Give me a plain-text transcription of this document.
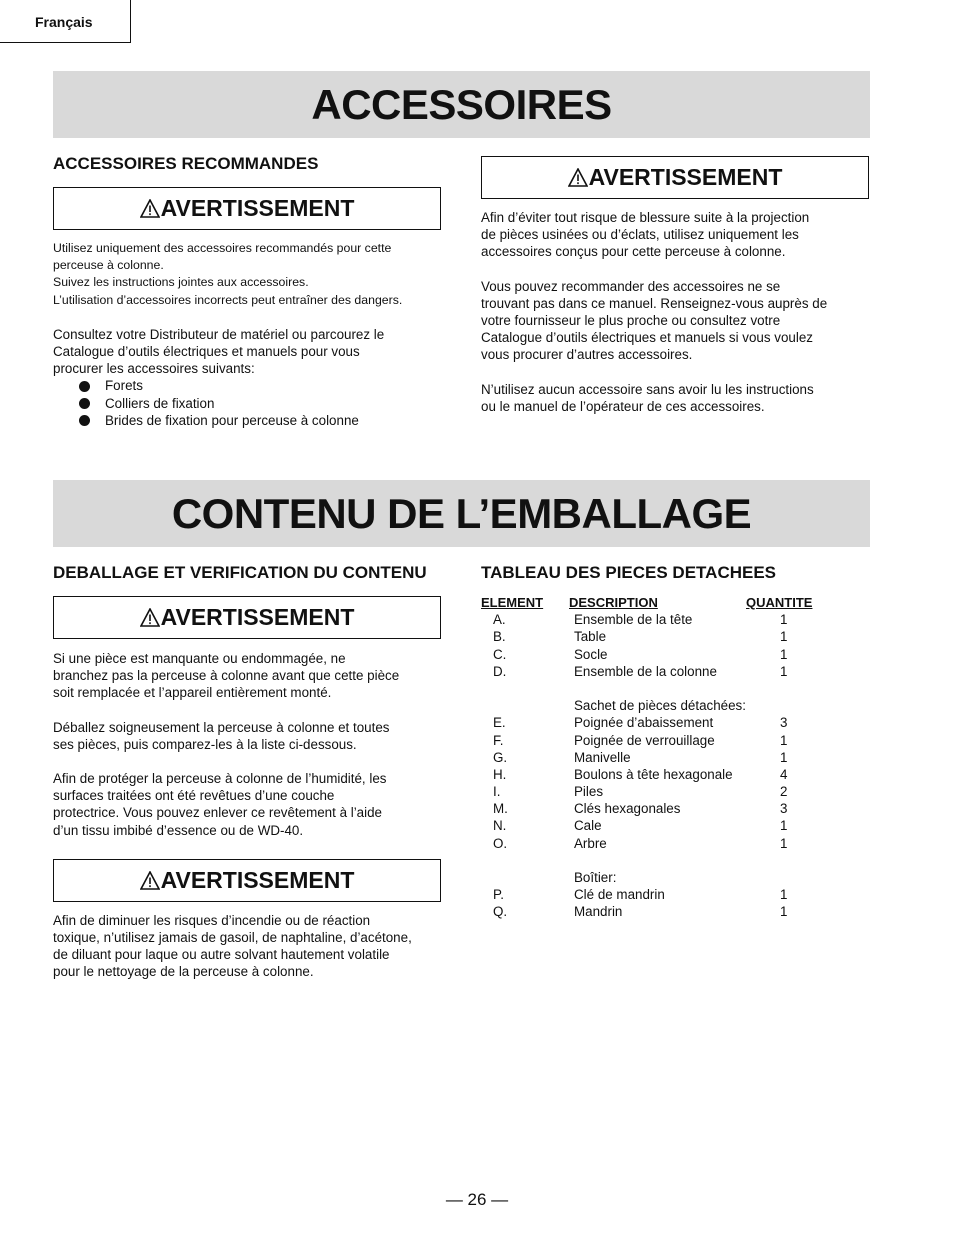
Français
ACCESSOIRES
ACCESSOIRES RECOMMANDES
AVERTISSEMENT

Utilisez uniquement des accessoires recommandés pour cette

perceuse à colonne.

Suivez les instructions jointes aux accessoires.

L’utilisation d’accessoires incorrects peut entraîner des dangers.

Consultez votre Distributeur de matériel ou parcourez le

Catalogue d’outils électriques et manuels pour vous

procurer les accessoires suivants:

Forets
Colliers de fixation
Brides de fixation pour perceuse à colonne
AVERTISSEMENT

Afin d’éviter tout risque de blessure suite à la projection

de pièces usinées ou d’éclats, utilisez uniquement les

accessoires conçus pour cette perceuse à colonne.

Vous pouvez recommander des accessoires ne se

trouvant pas dans ce manuel. Renseignez-vous auprès de

votre fournisseur le plus proche ou consultez votre

Catalogue d’outils électriques et manuels si vous voulez

vous procurer d’autres accessoires.

N’utilisez aucun accessoire sans avoir lu les instructions

ou le manuel de l’opérateur de ces accessoires.

CONTENU DE L’EMBALLAGE
DEBALLAGE ET VERIFICATION DU CONTENU
AVERTISSEMENT

Si une pièce est manquante ou endommagée, ne

branchez pas la perceuse à colonne avant que cette pièce

soit remplacée et l’appareil entièrement monté.

Déballez soigneusement la perceuse à colonne et toutes

ses pièces, puis comparez-les à la liste ci-dessous.

Afin de protéger la perceuse à colonne de l’humidité, les

surfaces traitées ont été revêtues d’une couche

protectrice. Vous pouvez enlever ce revêtement à l’aide

d’un tissu imbibé d’essence ou de WD-40.

AVERTISSEMENT

Afin de diminuer les risques d’incendie ou de réaction

toxique, n’utilisez jamais de gasoil, de naphtaline, d’acétone,

de diluant pour laque ou autre solvant hautement volatile

pour le nettoyage de la perceuse à colonne.

TABLEAU DES PIECES DETACHEES
ELEMENT	DESCRIPTION	QUANTITE
A.	Ensemble de la tête	1
B.	Table	1
C.	Socle	1
D.	Ensemble de la colonne	1
Sachet de pièces détachées:
E.	Poignée d’abaissement	3
F.	Poignée de verrouillage	1
G.	Manivelle	1
H.	Boulons à tête hexagonale	4
I.	Piles	2
M.	Clés hexagonales	3
N.	Cale	1
O.	Arbre	1
Boîtier:
P.	Clé de mandrin	1
Q.	Mandrin	1
— 26 —
